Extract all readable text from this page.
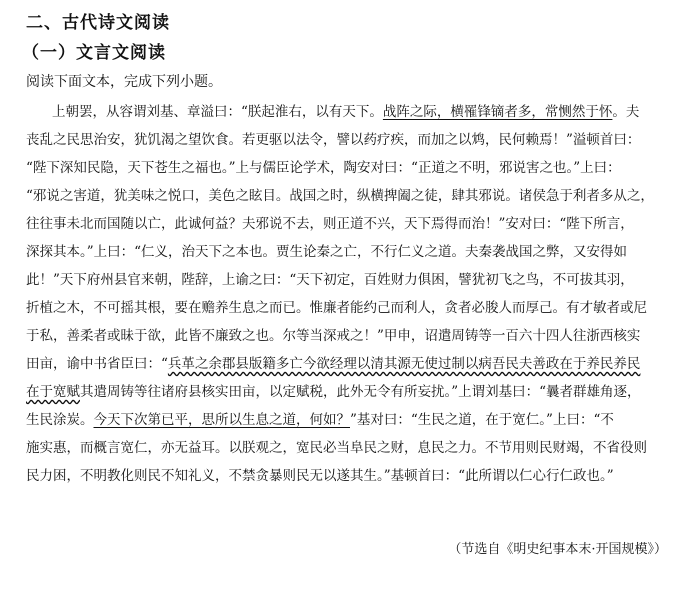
二、古代诗文阅读
（一）文言文阅读
阅读下面文本，完成下列小题。
上朝罢，从容谓刘基、章溢曰：“朕起淮右，以有天下。战阵之际，横罹锋镝者多，常恻然于怀。夫
丧乱之民思治安，犹饥渴之望饮食。若更驱以法令，譬以药疗疾，而加之以鸩，民何赖焉！”溢顿首曰：
“陛下深知民隐，天下苍生之福也。”上与儒臣论学术，陶安对曰：“正道之不明，邪说害之也。”上曰：
“邪说之害道，犹美味之悦口，美色之眩目。战国之时，纵横捭阖之徒，肆其邪说。诸侯急于利者多从之，
往往事未北而国随以亡，此诚何益？夫邪说不去，则正道不兴，天下焉得而治！”安对曰：“陛下所言，
深探其本。”上曰：“仁义，治天下之本也。贾生论秦之亡，不行仁义之道。夫秦袭战国之弊，又安得如
此！”天下府州县官来朝，陛辞，上谕之曰：“天下初定，百姓财力俱困，譬犹初飞之鸟，不可拔其羽，
折植之木，不可摇其根，要在赡养生息之而已。惟廉者能约己而利人，贪者必朘人而厚己。有才敏者或尼
于私，善柔者或昧于欲，此皆不廉致之也。尔等当深戒之！”甲申，诏遣周铸等一百六十四人往浙西核实
田亩，谕中书省臣曰：“兵革之余郡县版籍多亡今欲经理以清其源无使过制以病吾民夫善政在于养民养民
在于宽赋其遣周铸等往诸府县核实田亩，以定赋税，此外无令有所妄扰。”上谓刘基曰：“曩者群雄角逐，
生民涂炭。今天下次第已平，思所以生息之道，何如？”基对曰：“生民之道，在于宽仁。”上曰：“不
施实惠，而概言宽仁，亦无益耳。以朕观之，宽民必当阜民之财，息民之力。不节用则民财竭，不省役则
民力困，不明教化则民不知礼义，不禁贪暴则民无以遂其生。”基顿首曰：“此所谓以仁心行仁政也。”
（节选自《明史纪事本末·开国规模》）
